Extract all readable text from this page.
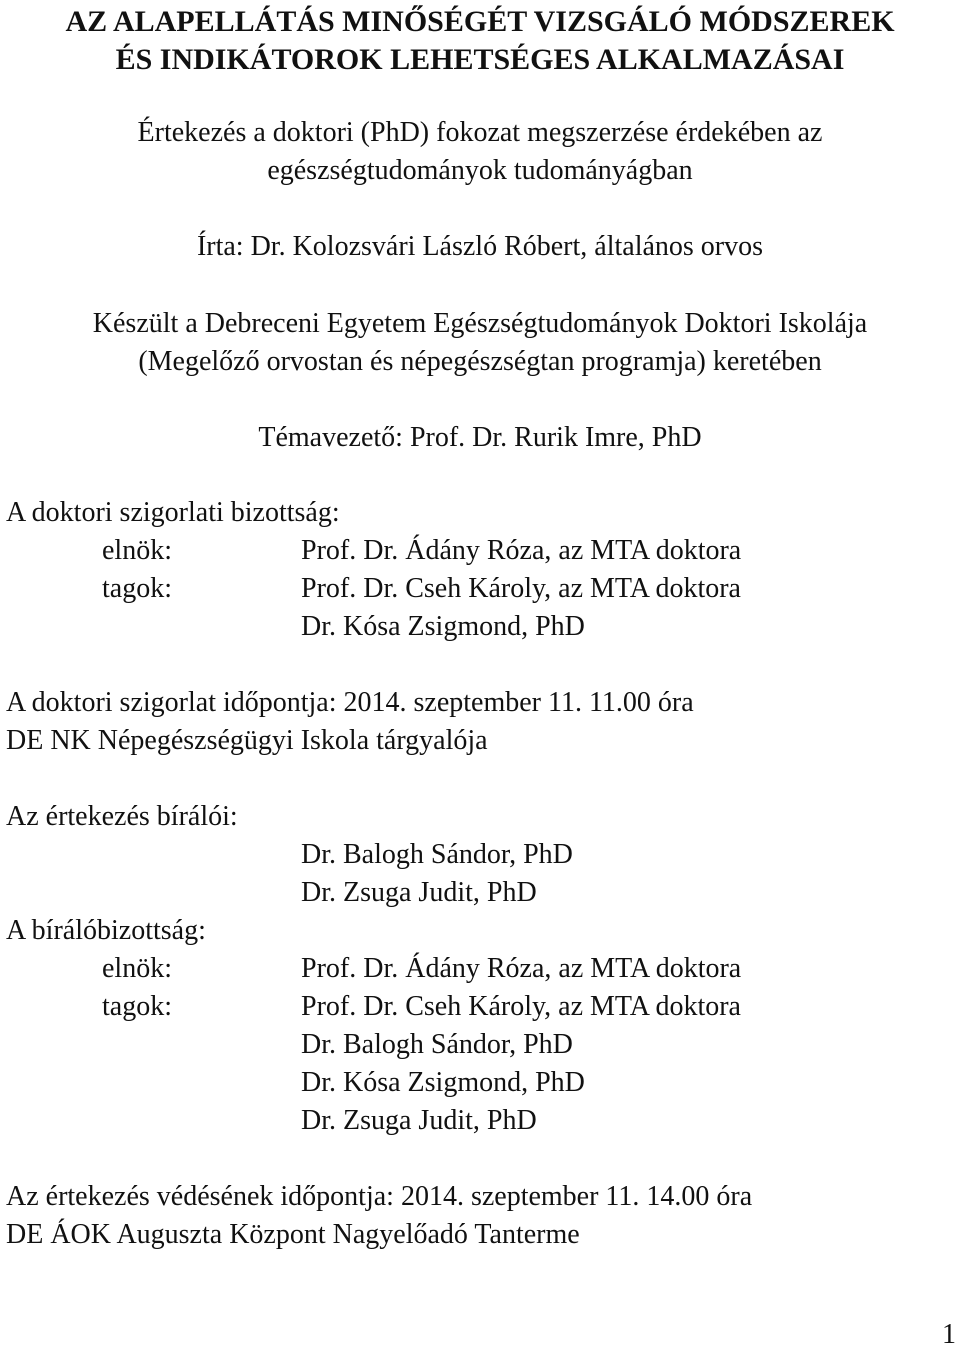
AZ ALAPELLÁTÁS MINŐSÉGÉT VIZSGÁLÓ MÓDSZEREK
ÉS INDIKÁTOROK LEHETSÉGES ALKALMAZÁSAI
Értekezés a doktori (PhD) fokozat megszerzése érdekében az
egészségtudományok tudományágban
Írta: Dr. Kolozsvári László Róbert, általános orvos
Készült a Debreceni Egyetem Egészségtudományok Doktori Iskolája
(Megelőző orvostan és népegészségtan programja) keretében
Témavezető: Prof. Dr. Rurik Imre, PhD
A doktori szigorlati bizottság:
elnök:	Prof. Dr. Ádány Róza, az MTA doktora
tagok:	Prof. Dr. Cseh Károly, az MTA doktora
Dr. Kósa Zsigmond, PhD
A doktori szigorlat időpontja: 2014. szeptember 11. 11.00 óra
DE NK Népegészségügyi Iskola tárgyalója
Az értekezés bírálói:
Dr. Balogh Sándor, PhD
Dr. Zsuga Judit, PhD
A bírálóbizottság:
elnök:	Prof. Dr. Ádány Róza, az MTA doktora
tagok:	Prof. Dr. Cseh Károly, az MTA doktora
Dr. Balogh Sándor, PhD
Dr. Kósa Zsigmond, PhD
Dr. Zsuga Judit, PhD
Az értekezés védésének időpontja: 2014. szeptember 11. 14.00 óra
DE ÁOK Auguszta Központ Nagyelőadó Tanterme
1
